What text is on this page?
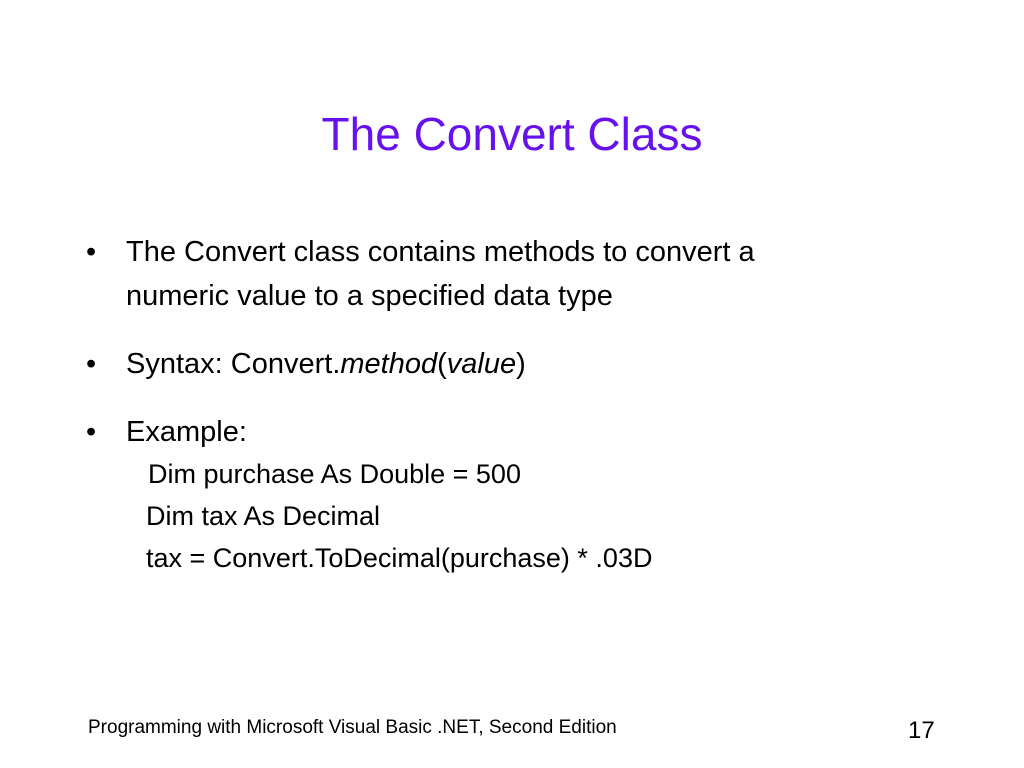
The Convert Class
• The Convert class contains methods to convert a
numeric value to a specified data type
• Syntax: Convert.method(value)
• Example:
Dim purchase As Double = 500
Dim tax As Decimal
tax = Convert.ToDecimal(purchase) * .03D
Programming with Microsoft Visual Basic .NET, Second Edition	17
